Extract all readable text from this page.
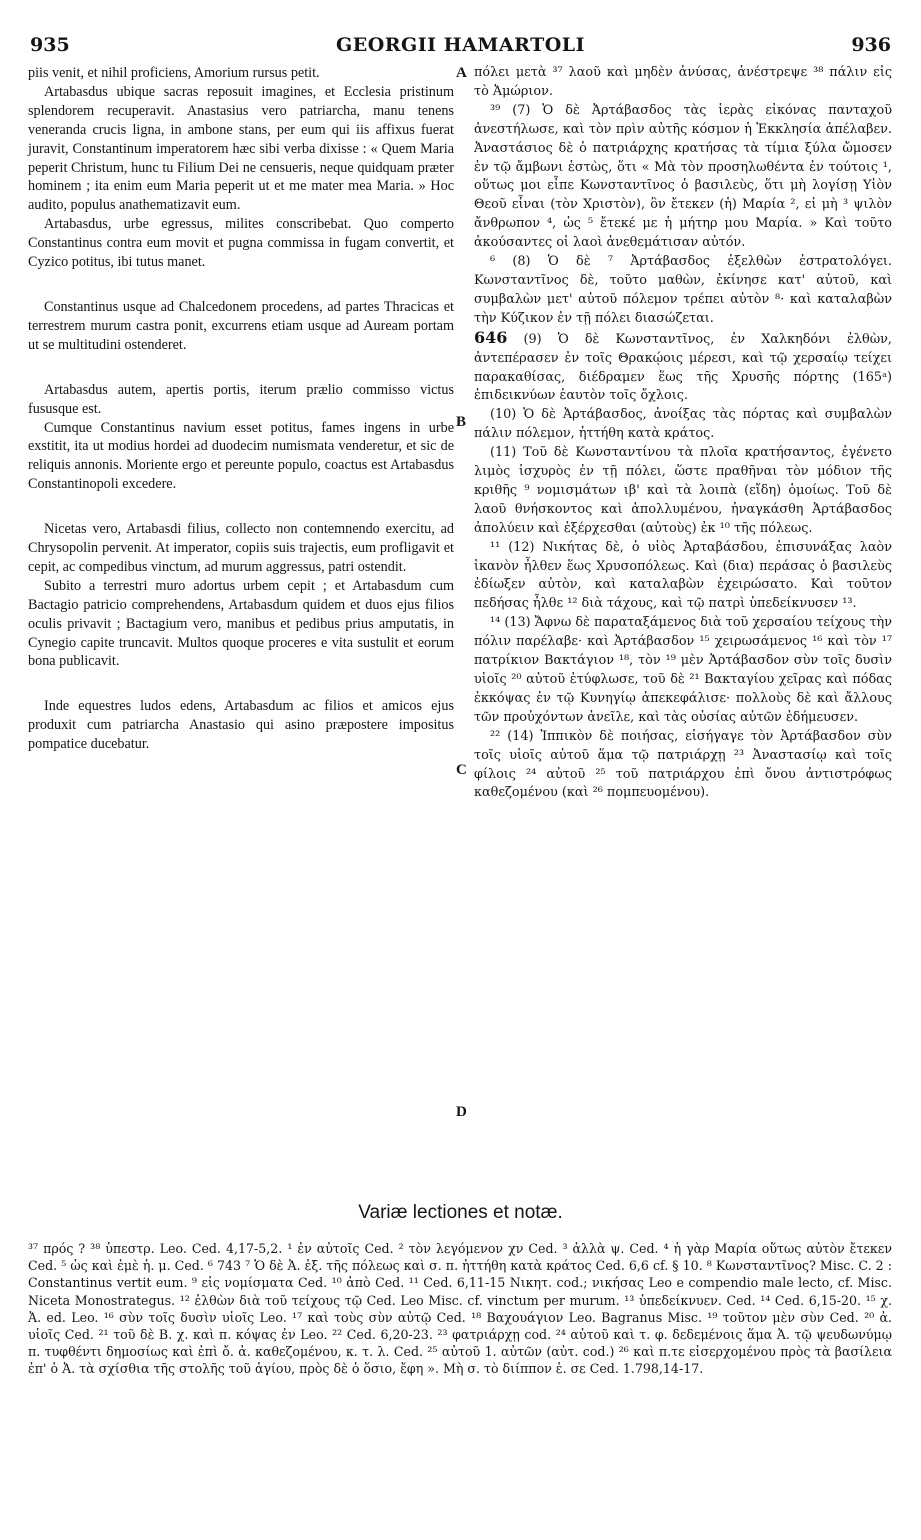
935	GEORGII HAMARTOLI	936
A
B
C
D

piis venit, et nihil proficiens, Amorium rursus petit.

Artabasdus ubique sacras reposuit imagines, et Ecclesia pristinum splendorem recuperavit. Anastasius vero patriarcha, manu tenens veneranda crucis ligna, in ambone stans, per eum qui iis affixus fuerat juravit, Constantinum imperatorem hæc sibi verba dixisse : « Quem Maria peperit Christum, hunc tu Filium Dei ne censueris, neque quidquam præter hominem ; ita enim eum Maria peperit ut et me mater mea Maria. » Hoc audito, populus anathematizavit eum.

Artabasdus, urbe egressus, milites conscribebat. Quo comperto Constantinus contra eum movit et pugna commissa in fugam convertit, et Cyzico potitus, ibi tutus manet.

Constantinus usque ad Chalcedonem procedens, ad partes Thracicas et terrestrem murum castra ponit, excurrens etiam usque ad Auream portam ut se multitudini ostenderet.

Artabasdus autem, apertis portis, iterum prælio commisso victus fususque est.

Cumque Constantinus navium esset potitus, fames ingens in urbe exstitit, ita ut modius hordei ad duodecim numismata venderetur, et sic de reliquis annonis. Moriente ergo et pereunte populo, coactus est Artabasdus Constantinopoli excedere.

Nicetas vero, Artabasdi filius, collecto non contemnendo exercitu, ad Chrysopolin pervenit. At imperator, copiis suis trajectis, eum profligavit et cepit, ac compedibus vinctum, ad murum aggressus, patri ostendit.

Subito a terrestri muro adortus urbem cepit ; et Artabasdum cum Bactagio patricio comprehendens, Artabasdum quidem et duos ejus filios oculis privavit ; Bactagium vero, manibus et pedibus prius amputatis, in Cynegio capite truncavit. Multos quoque proceres e vita sustulit et eorum bona publicavit.

Inde equestres ludos edens, Artabasdum ac filios et amicos ejus produxit cum patriarcha Anastasio qui asino præpostere impositus pompatice ducebatur.

πόλει μετὰ ³⁷ λαοῦ καὶ μηδὲν ἀνύσας, ἀνέστρεψε ³⁸ πάλιν εἰς τὸ Ἀμώριον.

³⁹ (7) Ὁ δὲ Ἀρτάβασδος τὰς ἱερὰς εἰκόνας πανταχοῦ ἀνεστήλωσε, καὶ τὸν πρὶν αὐτῆς κόσμον ἡ Ἐκκλησία ἀπέλαβεν. Ἀναστάσιος δὲ ὁ πατριάρχης κρατήσας τὰ τίμια ξύλα ὤμοσεν ἐν τῷ ἄμβωνι ἑστὼς, ὅτι « Μὰ τὸν προσηλωθέντα ἐν τούτοις ¹, οὕτως μοι εἶπε Κωνσταντῖνος ὁ βασιλεὺς, ὅτι μὴ λογίσῃ Υἱὸν Θεοῦ εἶναι (τὸν Χριστὸν), ὃν ἔτεκεν (ἡ) Μαρία ², εἰ μὴ ³ ψιλὸν ἄνθρωπον ⁴, ὡς ⁵ ἔτεκέ με ἡ μήτηρ μου Μαρία. » Καὶ τοῦτο ἀκούσαντες οἱ λαοὶ ἀνεθεμάτισαν αὐτόν.

⁶ (8) Ὁ δὲ ⁷ Ἀρτάβασδος ἐξελθὼν ἐστρατολόγει. Κωνσταντῖνος δὲ, τοῦτο μαθὼν, ἐκίνησε κατ' αὐτοῦ, καὶ συμβαλὼν μετ' αὐτοῦ πόλεμον τρέπει αὐτὸν ⁸· καὶ καταλαβὼν τὴν Κύζικον ἐν τῇ πόλει διασώζεται.

646 (9) Ὁ δὲ Κωνσταντῖνος, ἐν Χαλκηδόνι ἐλθὼν, ἀντεπέρασεν ἐν τοῖς Θρακῴοις μέρεσι, καὶ τῷ χερσαίῳ τείχει παρακαθίσας, διέδραμεν ἕως τῆς Χρυσῆς πόρτης (165ᵃ) ἐπιδεικνύων ἑαυτὸν τοῖς ὄχλοις.

(10) Ὁ δὲ Ἀρτάβασδος, ἀνοίξας τὰς πόρτας καὶ συμβαλὼν πάλιν πόλεμον, ἡττήθη κατὰ κράτος.

(11) Τοῦ δὲ Κωνσταντίνου τὰ πλοῖα κρατήσαντος, ἐγένετο λιμὸς ἰσχυρὸς ἐν τῇ πόλει, ὥστε πραθῆναι τὸν μόδιον τῆς κριθῆς ⁹ νομισμάτων ιβ' καὶ τὰ λοιπὰ (εἴδη) ὁμοίως. Τοῦ δὲ λαοῦ θνήσκοντος καὶ ἀπολλυμένου, ἠναγκάσθη Ἀρτάβασδος ἀπολύειν καὶ ἐξέρχεσθαι (αὐτοὺς) ἐκ ¹⁰ τῆς πόλεως.

¹¹ (12) Νικήτας δὲ, ὁ υἱὸς Ἀρταβάσδου, ἐπισυνάξας λαὸν ἱκανὸν ἦλθεν ἕως Χρυσοπόλεως. Καὶ (δια) περάσας ὁ βασιλεὺς ἐδίωξεν αὐτὸν, καὶ καταλαβὼν ἐχειρώσατο. Καὶ τοῦτον πεδήσας ἦλθε ¹² διὰ τάχους, καὶ τῷ πατρὶ ὑπεδείκνυσεν ¹³.

¹⁴ (13) Ἄφνω δὲ παραταξάμενος διὰ τοῦ χερσαίου τείχους τὴν πόλιν παρέλαβε· καὶ Ἀρτάβασδον ¹⁵ χειρωσάμενος ¹⁶ καὶ τὸν ¹⁷ πατρίκιον Βακτάγιον ¹⁸, τὸν ¹⁹ μὲν Ἀρτάβασδον σὺν τοῖς δυσὶν υἱοῖς ²⁰ αὐτοῦ ἐτύφλωσε, τοῦ δὲ ²¹ Βακταγίου χεῖρας καὶ πόδας ἐκκόψας ἐν τῷ Κυνηγίῳ ἀπεκεφάλισε· πολλοὺς δὲ καὶ ἄλλους τῶν προὐχόντων ἀνεῖλε, καὶ τὰς οὐσίας αὐτῶν ἐδήμευσεν.

²² (14) Ἱππικὸν δὲ ποιήσας, εἰσήγαγε τὸν Ἀρτάβασδον σὺν τοῖς υἱοῖς αὐτοῦ ἅμα τῷ πατριάρχῃ ²³ Ἀναστασίῳ καὶ τοῖς φίλοις ²⁴ αὐτοῦ ²⁵ τοῦ πατριάρχου ἐπὶ ὄνου ἀντιστρόφως καθεζομένου (καὶ ²⁶ πομπευομένου).

Variæ lectiones et notæ.
³⁷ πρός ? ³⁸ ὑπεστρ. Leo. Ced. 4,17-5,2. ¹ ἐν αὐτοῖς Ced. ² τὸν λεγόμενον χν Ced. ³ ἀλλὰ ψ. Ced. ⁴ ἡ γὰρ Μαρία οὕτως αὐτὸν ἔτεκεν Ced. ⁵ ὡς καὶ ἐμὲ ἡ. μ. Ced. ⁶ 743 ⁷ Ὁ δὲ Ἀ. ἐξ. τῆς πόλεως καὶ σ. π. ἡττήθη κατὰ κράτος Ced. 6,6 cf. § 10. ⁸ Κωνσταντῖνος? Misc. C. 2 : Constantinus vertit eum. ⁹ εἰς νομίσματα Ced. ¹⁰ ἀπὸ Ced. ¹¹ Ced. 6,11-15 Νικητ. cod.; νικήσας Leo e compendio male lecto, cf. Misc. Niceta Monostrategus. ¹² ἐλθὼν διὰ τοῦ τείχους τῷ Ced. Leo Misc. cf. vinctum per murum. ¹³ ὑπεδείκνυεν. Ced. ¹⁴ Ced. 6,15-20. ¹⁵ χ. Ἀ. ed. Leo. ¹⁶ σὺν τοῖς δυσὶν υἱοῖς Leo. ¹⁷ καὶ τοὺς σὺν αὐτῷ Ced. ¹⁸ Βαχουάγιον Leo. Bagranus Misc. ¹⁹ τοῦτον μὲν σὺν Ced. ²⁰ ἀ. υἱοῖς Ced. ²¹ τοῦ δὲ Β. χ. καὶ π. κόψας ἐν Leo. ²² Ced. 6,20-23. ²³ φατριάρχῃ cod. ²⁴ αὐτοῦ καὶ τ. φ. δεδεμένοις ἅμα Ἀ. τῷ ψευδωνύμῳ π. τυφθέντι δημοσίως καὶ ἐπὶ ὄ. ἀ. καθεζομένου, κ. τ. λ. Ced. ²⁵ αὐτοῦ 1. αὐτῶν (αὐτ. cod.) ²⁶ καὶ π.τε εἰσερχομένου πρὸς τὰ βασίλεια ἐπ' ὁ Ἀ. τὰ σχίσθια τῆς στολῆς τοῦ ἁγίου, πρὸς δὲ ὁ ὅσιο, ἔφη ». Μὴ σ. τὸ διίππον ἑ. σε Ced. 1.798,14-17.
